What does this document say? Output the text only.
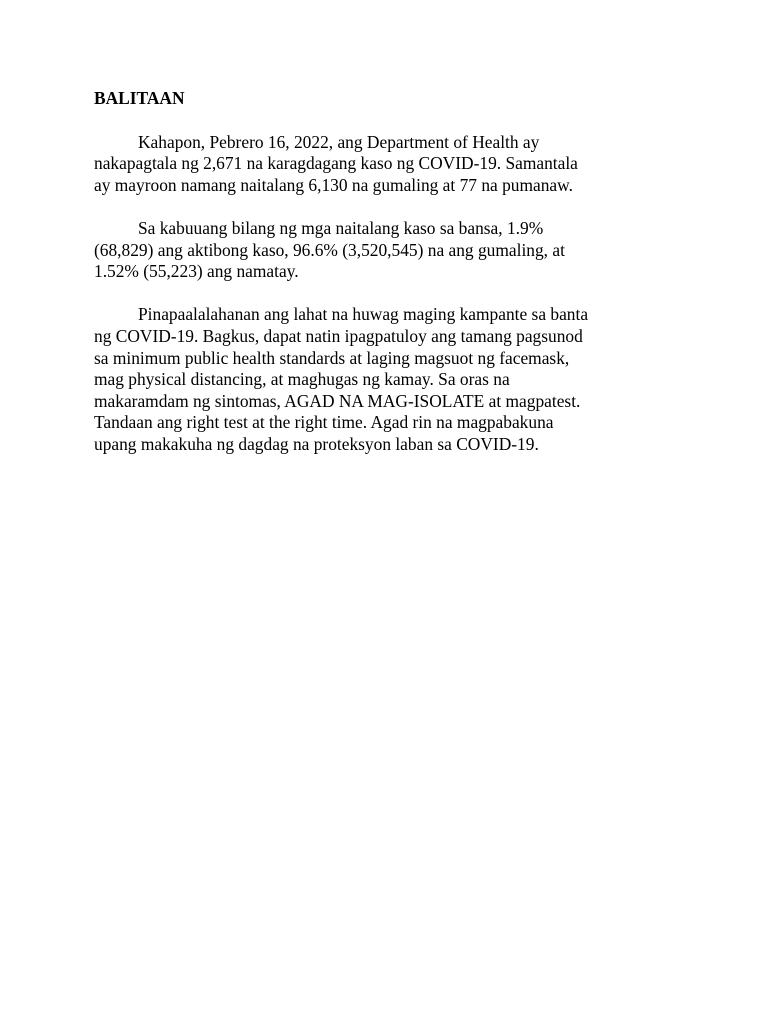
BALITAAN
Kahapon, Pebrero 16, 2022, ang Department of Health ay
nakapagtala ng 2,671 na karagdagang kaso ng COVID-19. Samantala
ay mayroon namang naitalang 6,130 na gumaling at 77 na pumanaw.
Sa kabuuang bilang ng mga naitalang kaso sa bansa, 1.9%
(68,829) ang aktibong kaso, 96.6% (3,520,545) na ang gumaling, at
1.52% (55,223) ang namatay.
Pinapaalalahanan ang lahat na huwag maging kampante sa banta
ng COVID-19. Bagkus, dapat natin ipagpatuloy ang tamang pagsunod
sa minimum public health standards at laging magsuot ng facemask,
mag physical distancing, at maghugas ng kamay. Sa oras na
makaramdam ng sintomas, AGAD NA MAG-ISOLATE at magpatest.
Tandaan ang right test at the right time. Agad rin na magpabakuna
upang makakuha ng dagdag na proteksyon laban sa COVID-19.
